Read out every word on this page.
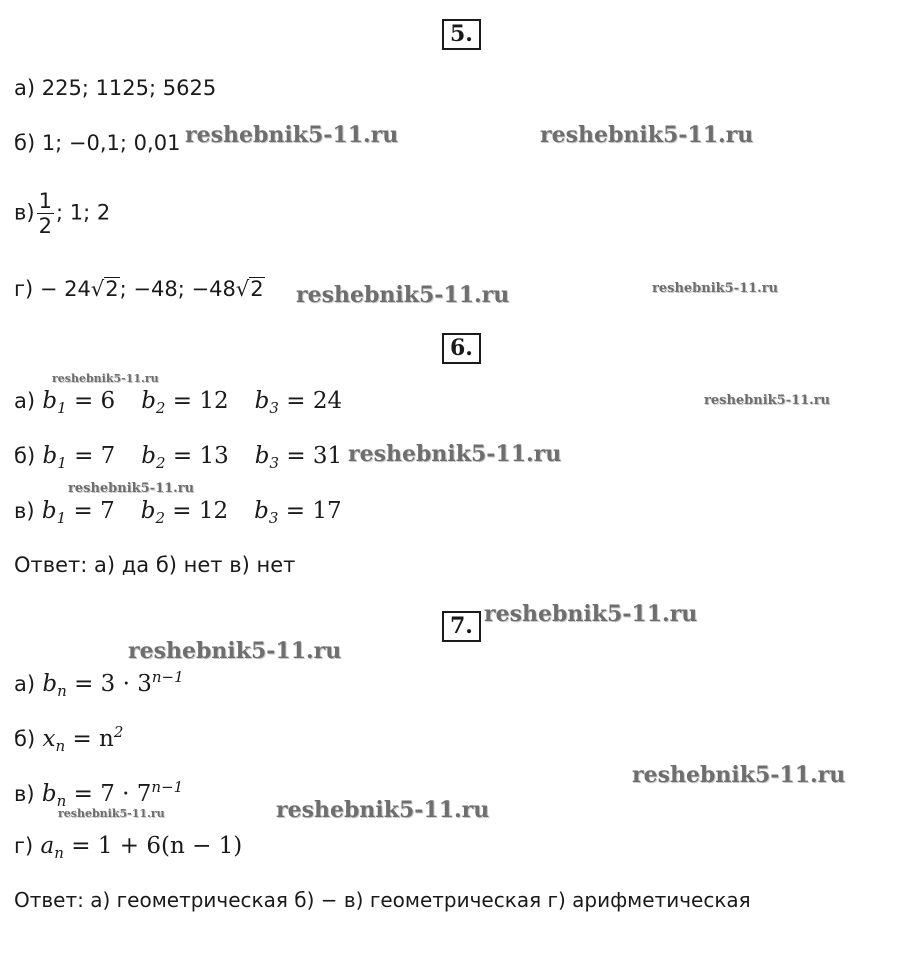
5.
а) 225; 1125; 5625
б) 1; −0,1; 0,01
$в) \frac{1}{2}$ ; 1; 2
г) − 24√2; −48; −48√2
6.
а) $b_1 = 6$ $b_2 = 12$ $b_3 = 24$
б) $b_1 = 7$ $b_2 = 13$ $b_3 = 31$
в) $b_1 = 7$ $b_2 = 12$ $b_3 = 17$
Ответ: а) да б) нет в) нет
7.
а) $b_n = 3 \cdot 3^{n-1}$
б) $x_n = n^2$
в) $b_n = 7 \cdot 7^{n-1}$
г) $a_n = 1 + 6(n - 1)$
Ответ: а) геометрическая б) − в) геометрическая г) арифметическая
reshebnik5-11.ru	reshebnik5-11.ru
reshebnik5-11.ru	reshebnik5-11.ru
reshebnik5-11.ru
reshebnik5-11.ru
reshebnik5-11.ru
reshebnik5-11.ru
reshebnik5-11.ru
reshebnik5-11.ru
reshebnik5-11.ru
reshebnik5-11.ru
reshebnik5-11.ru
